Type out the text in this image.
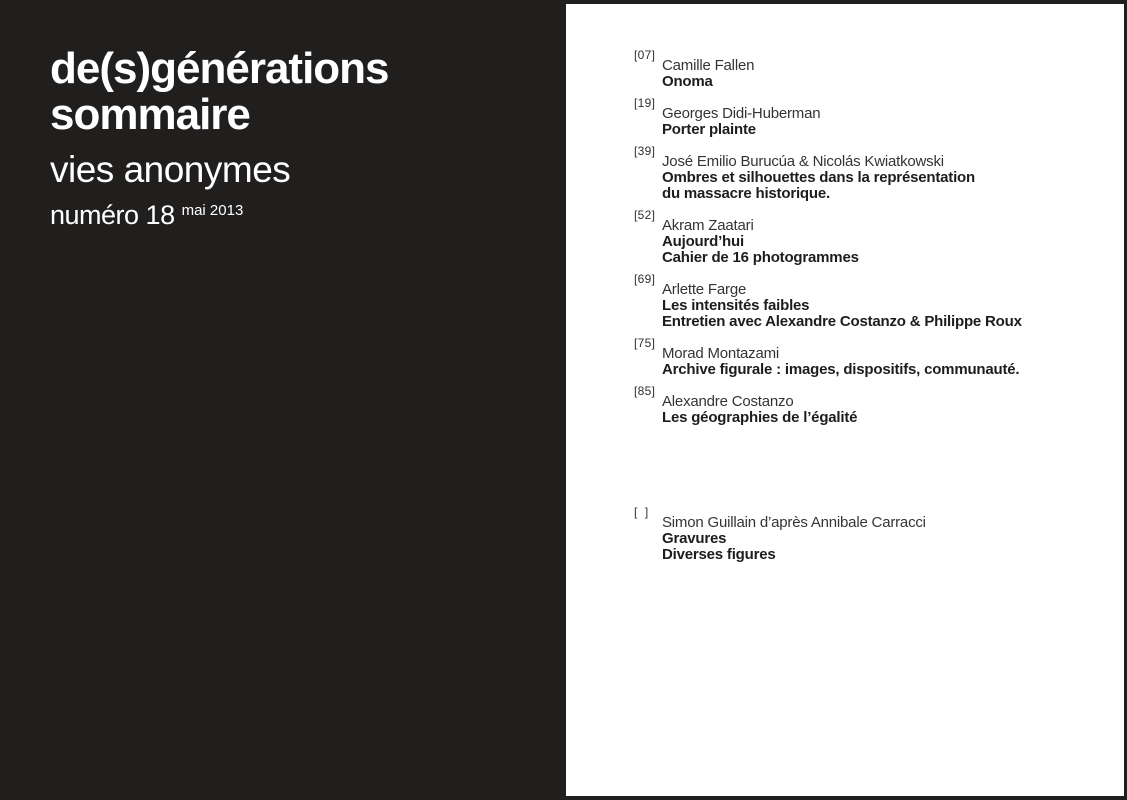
de(s)générations
sommaire
vies anonymes
numéro 18 $^{mai 2013}$
[07]
Camille Fallen
Onoma
[19]
Georges Didi-Huberman
Porter plainte
[39]
José Emilio Burucúa & Nicolás Kwiatkowski
Ombres et silhouettes dans la représentation
du massacre historique.
[52]
Akram Zaatari
Aujourd’hui
Cahier de 16 photogrammes
[69]
Arlette Farge
Les intensités faibles
Entretien avec Alexandre Costanzo & Philippe Roux
[75]
Morad Montazami
Archive figurale : images, dispositifs, communauté.
[85]
Alexandre Costanzo
Les géographies de l’égalité
[  ]
Simon Guillain d’après Annibale Carracci
Gravures
Diverses figures
